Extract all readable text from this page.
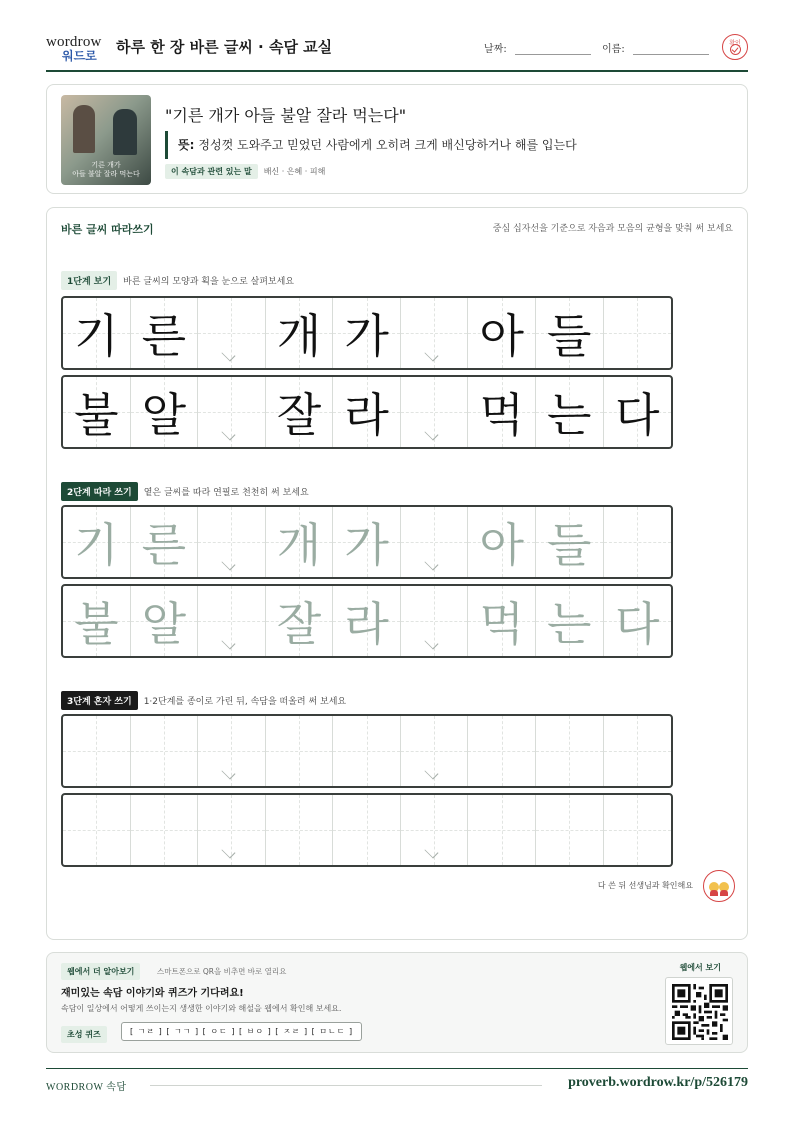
wordrow
워드로 하루 한 장 바른 글씨 · 속담 교실	날짜:	이름:
확인
기른 개가
아들 불알 잘라 먹는다
"기른 개가 아들 불알 잘라 먹는다"
뜻: 정성껏 도와주고 믿었던 사람에게 오히려 크게 배신당하거나 해를 입는다
이 속담과 관련 있는 말 배신 · 은혜 · 피해
바른 글씨 따라쓰기	중심 십자선을 기준으로 자음과 모음의 균형을 맞춰 써 보세요
1단계 보기 바른 글씨의 모양과 획을 눈으로 살펴보세요
기 른 개 가 아 들
불 알 잘 라 먹 는 다
2단계 따라 쓰기 옅은 글씨를 따라 연필로 천천히 써 보세요
기 른 개 가 아 들
불 알 잘 라 먹 는 다
3단계 혼자 쓰기 1·2단계를 종이로 가린 뒤, 속담을 떠올려 써 보세요
다 쓴 뒤 선생님과 확인해요
웹에서 더 알아보기	스마트폰으로 QR을 비추면 바로 열리요
재미있는 속담 이야기와 퀴즈가 기다려요!
속담이 일상에서 어떻게 쓰이는지 생생한 이야기와 해설을 웹에서 확인해 보세요.
초성 퀴즈	[ ㄱㄹ ] [ ㄱㄱ ] [ ㅇㄷ ] [ ㅂㅇ ] [ ㅈㄹ ] [ ㅁㄴㄷ ]
웹에서 보기
WORDROW 속담	proverb.wordrow.kr/p/526179
